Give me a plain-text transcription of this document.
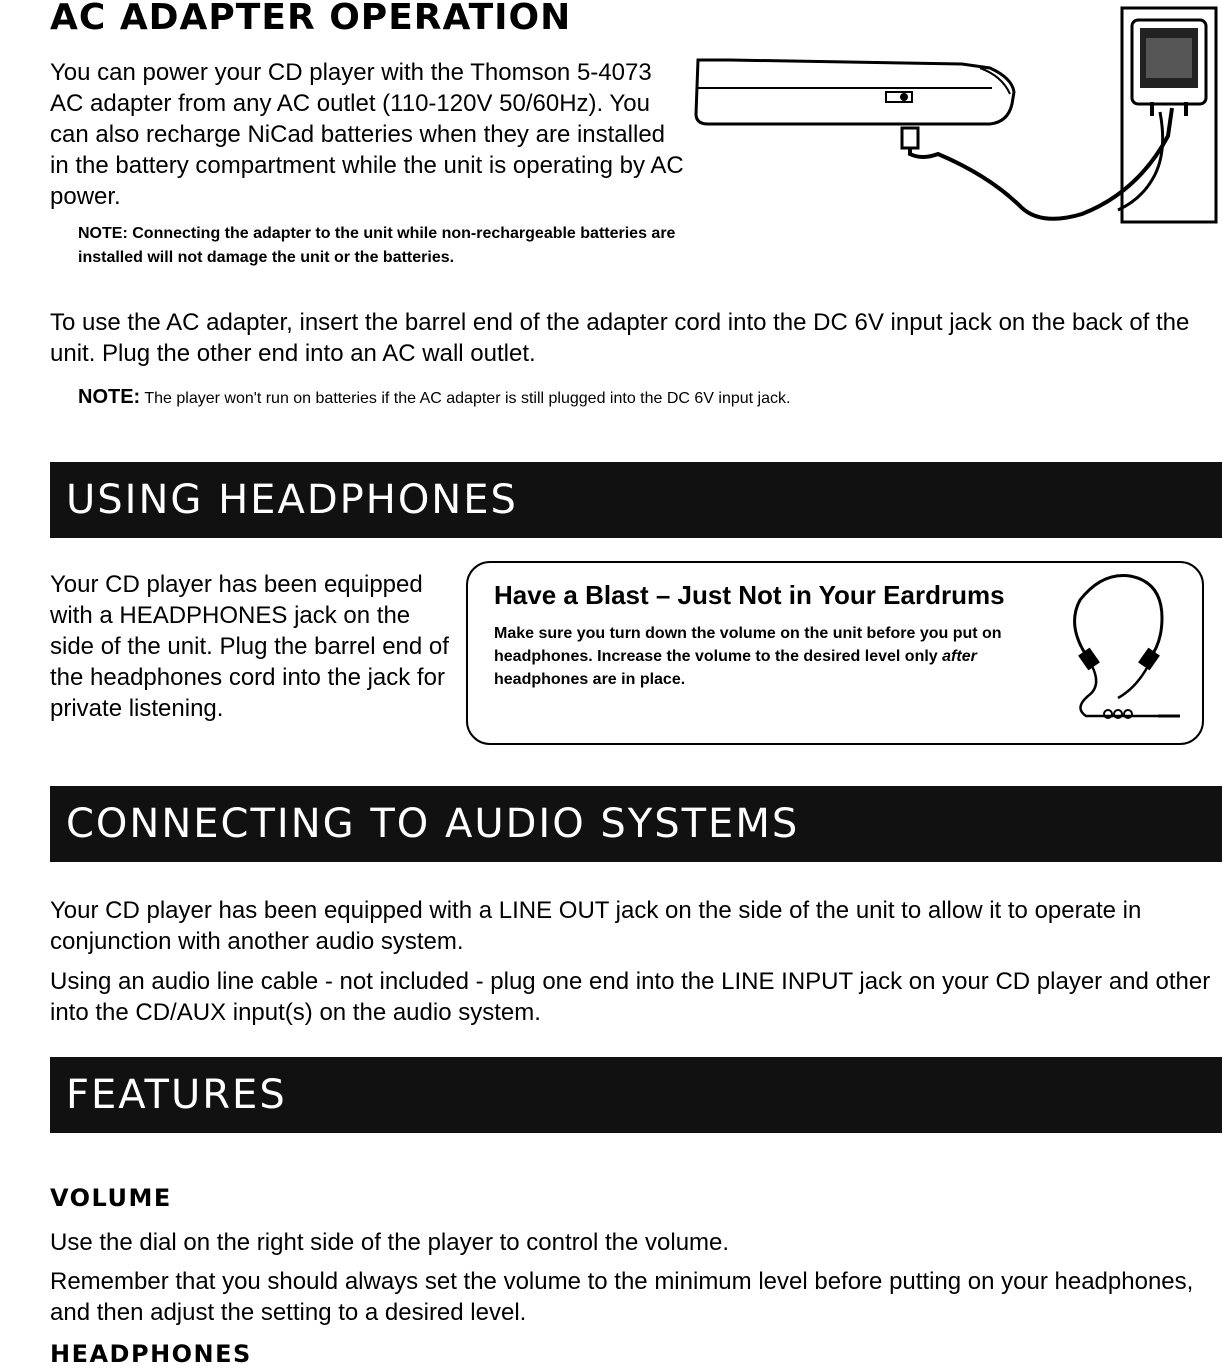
AC ADAPTER OPERATION

You can power your CD player with the Thomson 5-4073 AC adapter from any AC outlet (110-120V 50/60Hz). You can also recharge NiCad batteries when they are installed in the battery compartment while the unit is operating by AC power.

NOTE: Connecting the adapter to the unit while non-rechargeable batteries are installed will not damage the unit or the batteries.

To use the AC adapter, insert the barrel end of the adapter cord into the DC 6V input jack on the back of the unit. Plug the other end into an AC wall outlet.

NOTE: The player won't run on batteries if the AC adapter is still plugged into the DC 6V input jack.

USING HEADPHONES

Your CD player has been equipped with a HEADPHONES jack on the side of the unit. Plug the barrel end of the headphones cord into the jack for private listening.

Have a Blast – Just Not in Your Eardrums

Make sure you turn down the volume on the unit before you put on headphones. Increase the volume to the desired level only after headphones are in place.

CONNECTING TO AUDIO SYSTEMS

Your CD player has been equipped with a LINE OUT jack on the side of the unit to allow it to operate in conjunction with another audio system.

Using an audio line cable - not included - plug one end into the LINE INPUT jack on your CD player and other into the CD/AUX input(s) on the audio system.

FEATURES
VOLUME

Use the dial on the right side of the player to control the volume.

Remember that you should always set the volume to the minimum level before putting on your headphones, and then adjust the setting to a desired level.

HEADPHONES
